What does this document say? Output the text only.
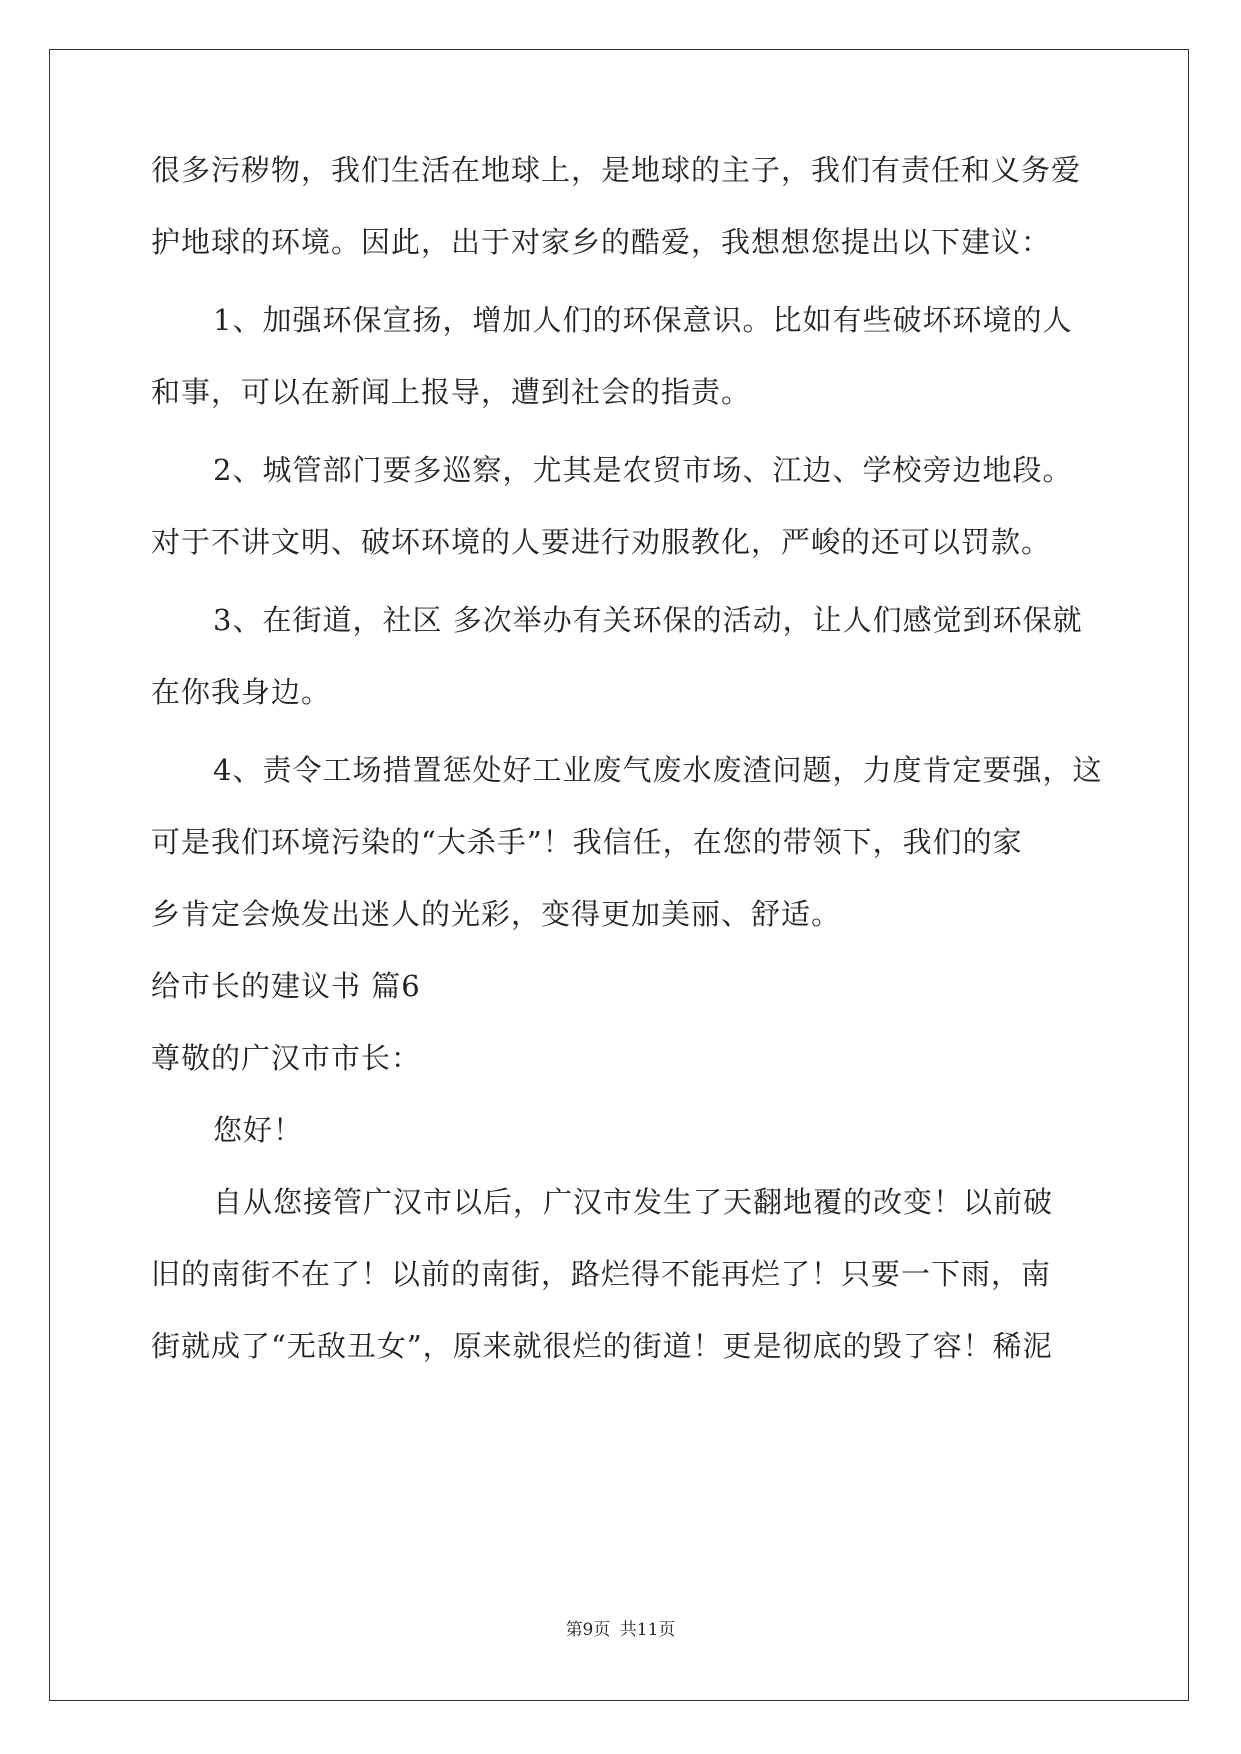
很多污秽物，我们生活在地球上，是地球的主子，我们有责任和义务爱
护地球的环境。因此，出于对家乡的酷爱，我想想您提出以下建议：
1、加强环保宣扬，增加人们的环保意识。比如有些破坏环境的人
和事，可以在新闻上报导，遭到社会的指责。
2、城管部门要多巡察，尤其是农贸市场、江边、学校旁边地段。
对于不讲文明、破坏环境的人要进行劝服教化，严峻的还可以罚款。
3、在街道，社区 多次举办有关环保的活动，让人们感觉到环保就
在你我身边。
4、责令工场措置惩处好工业废气废水废渣问题，力度肯定要强，这
可是我们环境污染的“大杀手”！我信任，在您的带领下，我们的家
乡肯定会焕发出迷人的光彩，变得更加美丽、舒适。
给市长的建议书 篇6
尊敬的广汉市市长：
您好！
自从您接管广汉市以后，广汉市发生了天翻地覆的改变！以前破
旧的南街不在了！以前的南街，路烂得不能再烂了！只要一下雨，南
街就成了“无敌丑女”，原来就很烂的街道！更是彻底的毁了容！稀泥
第9页 共11页
